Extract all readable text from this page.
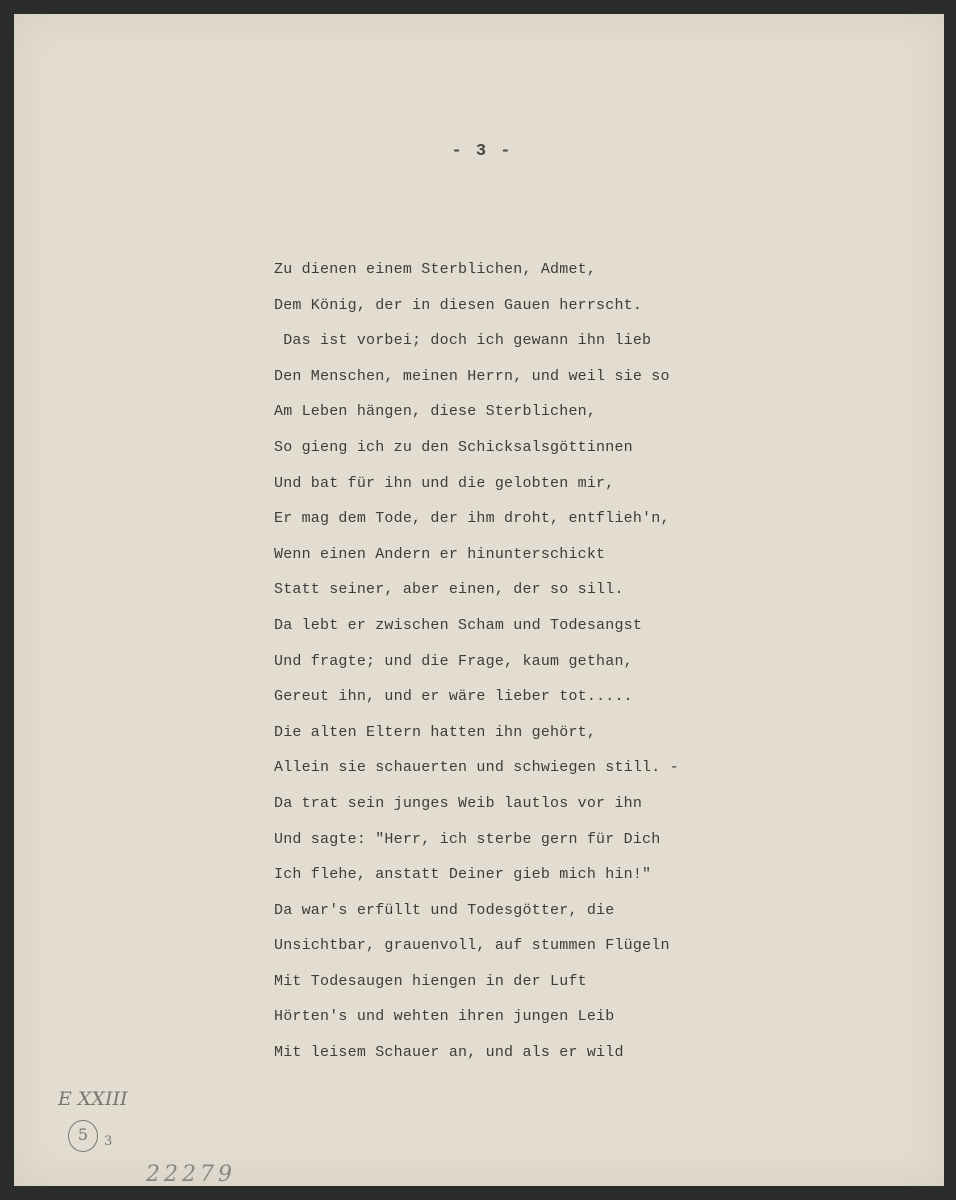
- 3 -
Zu dienen einem Sterblichen, Admet,
Dem König, der in diesen Gauen herrscht.
Das ist vorbei; doch ich gewann ihn lieb
Den Menschen, meinen Herrn, und weil sie so
Am Leben hängen, diese Sterblichen,
So gieng ich zu den Schicksalsgöttinnen
Und bat für ihn und die gelobten mir,
Er mag dem Tode, der ihm droht, entflieh'n,
Wenn einen Andern er hinunterschickt
Statt seiner, aber einen, der so sill.
Da lebt er zwischen Scham und Todesangst
Und fragte; und die Frage, kaum gethan,
Gereut ihn, und er wäre lieber tot.....
Die alten Eltern hatten ihn gehört,
Allein sie schauerten und schwiegen still. -
Da trat sein junges Weib lautlos vor ihn
Und sagte: "Herr, ich sterbe gern für Dich
Ich flehe, anstatt Deiner gieb mich hin!"
Da war's erfüllt und Todesgötter, die
Unsichtbar, grauenvoll, auf stummen Flügeln
Mit Todesaugen hiengen in der Luft
Hörten's und wehten ihren jungen Leib
Mit leisem Schauer an, und als er wild
E XXIII
5	3
22279
